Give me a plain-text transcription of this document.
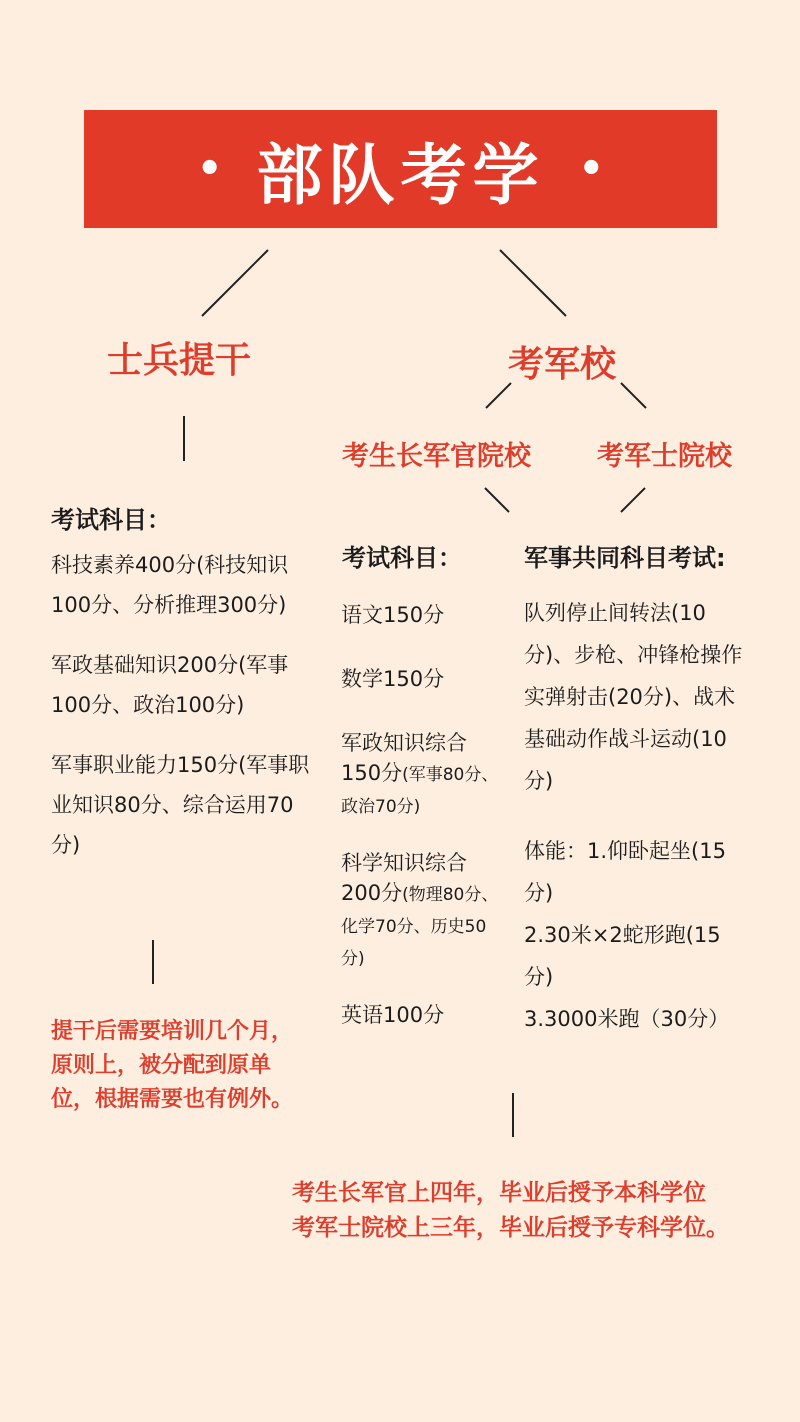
• 部队考学 •
士兵提干
考试科目：
科技素养400分(科技知识100分、分析推理300分)
军政基础知识200分(军事100分、政治100分)
军事职业能力150分(军事职业知识80分、综合运用70分)
提干后需要培训几个月，原则上，被分配到原单位，根据需要也有例外。
考军校
考生长军官院校 考军士院校
考试科目：
语文150分
数学150分
军政知识综合150分(军事80分、政治70分)
科学知识综合200分(物理80分、化学70分、历史50分)
英语100分
军事共同科目考试:
队列停止间转法(10分)、步枪、冲锋枪操作实弹射击(20分)、战术基础动作战斗运动(10分)
体能：1.仰卧起坐(15分)
2.30米×2蛇形跑(15分)
3.3000米跑（30分）
考生长军官上四年，毕业后授予本科学位
考军士院校上三年，毕业后授予专科学位。
